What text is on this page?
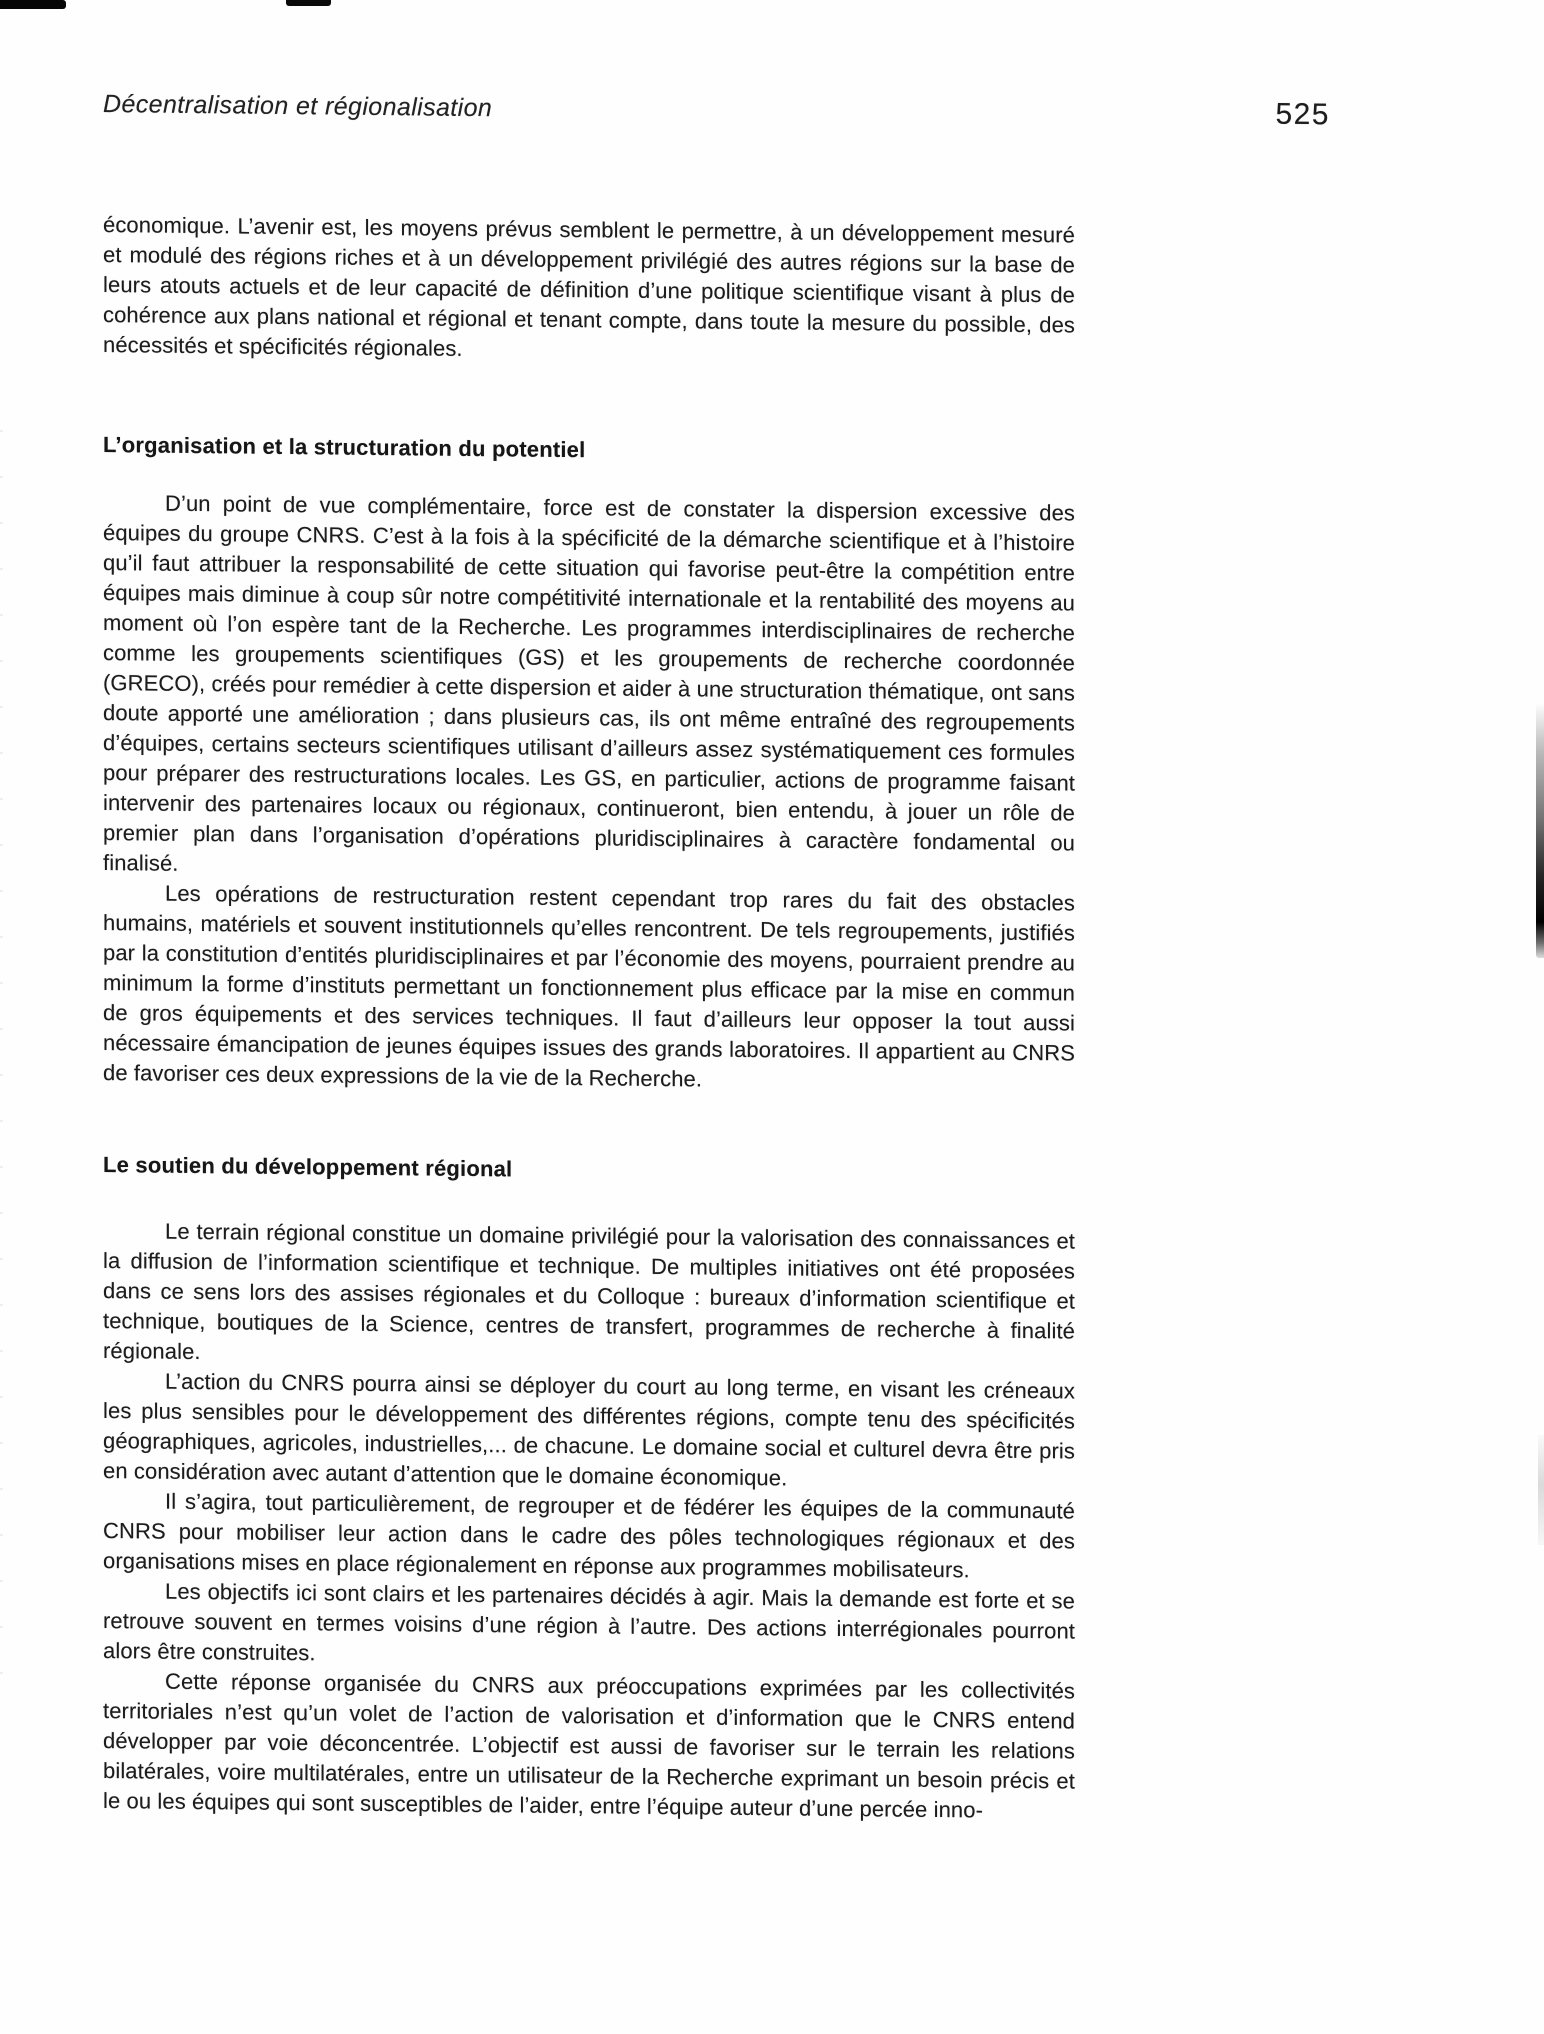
Décentralisation et régionalisation	525

économique. L’avenir est, les moyens prévus semblent le permettre, à un développement mesuré et modulé des régions riches et à un développement privilégié des autres régions sur la base de leurs atouts actuels et de leur capacité de définition d’une politique scientifique visant à plus de cohérence aux plans national et régional et tenant compte, dans toute la mesure du possible, des nécessités et spécificités régionales.

L’organisation et la structuration du potentiel

D’un point de vue complémentaire, force est de constater la dispersion excessive des équipes du groupe CNRS. C’est à la fois à la spécificité de la démarche scientifique et à l’histoire qu’il faut attribuer la responsabilité de cette situation qui favorise peut-être la compétition entre équipes mais diminue à coup sûr notre compétitivité internationale et la rentabilité des moyens au moment où l’on espère tant de la Recherche. Les programmes interdisciplinaires de recherche comme les groupements scientifiques (GS) et les groupements de recherche coordonnée (GRECO), créés pour remédier à cette dispersion et aider à une structuration thématique, ont sans doute apporté une amélioration ; dans plusieurs cas, ils ont même entraîné des regroupements d’équipes, certains secteurs scientifiques utilisant d’ailleurs assez systématiquement ces formules pour préparer des restructurations locales. Les GS, en particulier, actions de programme faisant intervenir des partenaires locaux ou régionaux, continueront, bien entendu, à jouer un rôle de premier plan dans l’organisation d’opérations pluridisciplinaires à caractère fondamental ou finalisé.

Les opérations de restructuration restent cependant trop rares du fait des obstacles humains, matériels et souvent institutionnels qu’elles rencontrent. De tels regroupements, justifiés par la constitution d’entités pluridisciplinaires et par l’économie des moyens, pourraient prendre au minimum la forme d’instituts permettant un fonctionnement plus efficace par la mise en commun de gros équipements et des services techniques. Il faut d’ailleurs leur opposer la tout aussi nécessaire émancipation de jeunes équipes issues des grands laboratoires. Il appartient au CNRS de favoriser ces deux expressions de la vie de la Recherche.

Le soutien du développement régional

Le terrain régional constitue un domaine privilégié pour la valorisation des connaissances et la diffusion de l’information scientifique et technique. De multiples initiatives ont été proposées dans ce sens lors des assises régionales et du Colloque : bureaux d’information scientifique et technique, boutiques de la Science, centres de transfert, programmes de recherche à finalité régionale.

L’action du CNRS pourra ainsi se déployer du court au long terme, en visant les créneaux les plus sensibles pour le développement des différentes régions, compte tenu des spécificités géographiques, agricoles, industrielles,... de chacune. Le domaine social et culturel devra être pris en considération avec autant d’attention que le domaine économique.

Il s’agira, tout particulièrement, de regrouper et de fédérer les équipes de la communauté CNRS pour mobiliser leur action dans le cadre des pôles technologiques régionaux et des organisations mises en place régionalement en réponse aux programmes mobilisateurs.

Les objectifs ici sont clairs et les partenaires décidés à agir. Mais la demande est forte et se retrouve souvent en termes voisins d’une région à l’autre. Des actions interrégionales pourront alors être construites.

Cette réponse organisée du CNRS aux préoccupations exprimées par les collectivités territoriales n’est qu’un volet de l’action de valorisation et d’information que le CNRS entend développer par voie déconcentrée. L’objectif est aussi de favoriser sur le terrain les relations bilatérales, voire multilatérales, entre un utilisateur de la Recherche exprimant un besoin précis et le ou les équipes qui sont susceptibles de l’aider, entre l’équipe auteur d’une percée inno-
